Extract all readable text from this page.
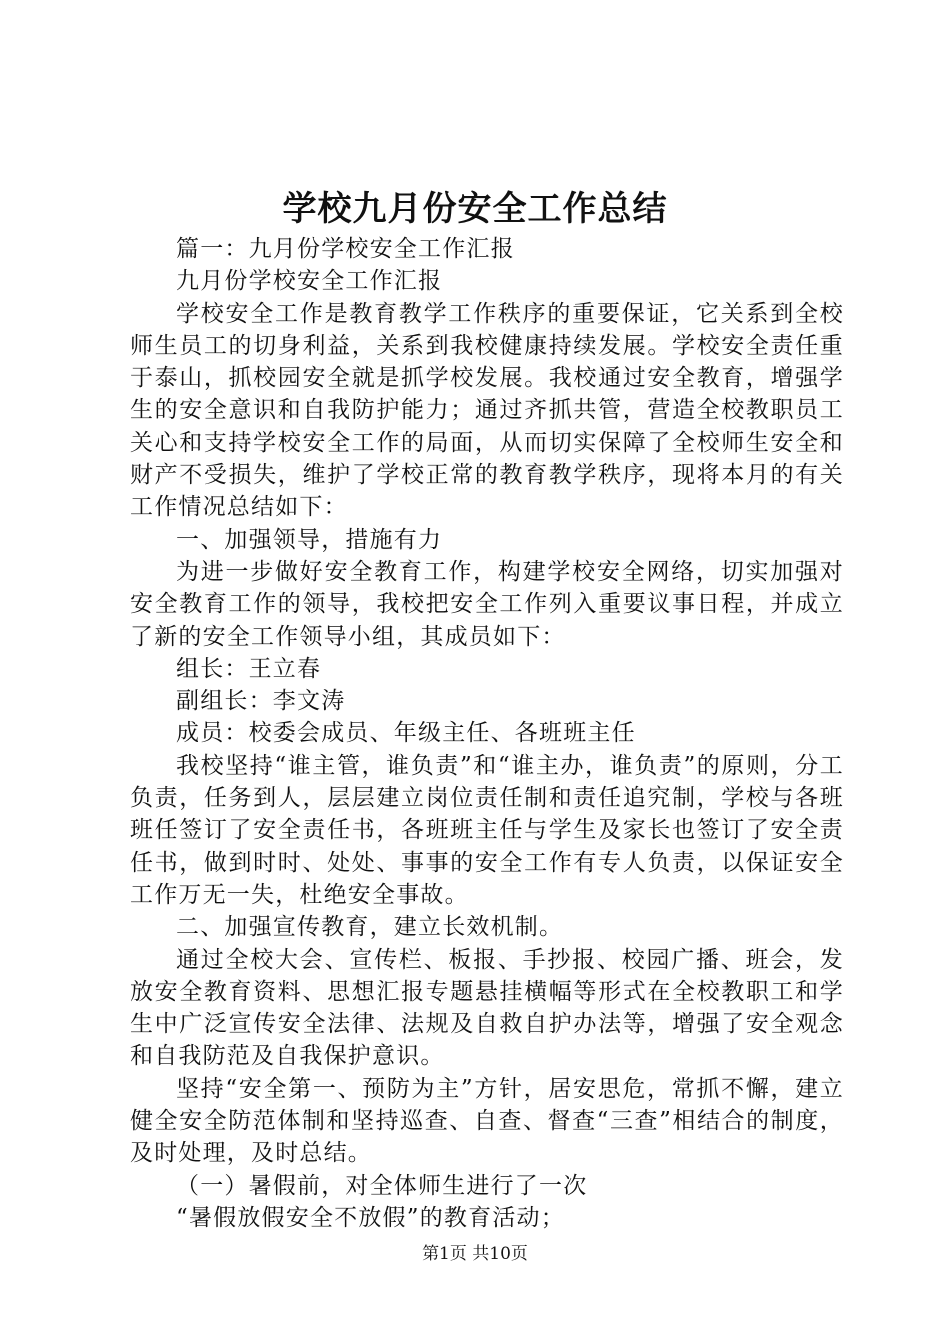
学校九月份安全工作总结

篇一：九月份学校安全工作汇报

九月份学校安全工作汇报

学校安全工作是教育教学工作秩序的重要保证，它关系到全校师生员工的切身利益，关系到我校健康持续发展。学校安全责任重于泰山，抓校园安全就是抓学校发展。我校通过安全教育，增强学生的安全意识和自我防护能力；通过齐抓共管，营造全校教职员工关心和支持学校安全工作的局面，从而切实保障了全校师生安全和财产不受损失，维护了学校正常的教育教学秩序，现将本月的有关工作情况总结如下：

一、加强领导，措施有力

为进一步做好安全教育工作，构建学校安全网络，切实加强对安全教育工作的领导，我校把安全工作列入重要议事日程，并成立了新的安全工作领导小组，其成员如下：

组长：王立春

副组长：李文涛

成员：校委会成员、年级主任、各班班主任

我校坚持“谁主管，谁负责”和“谁主办，谁负责”的原则，分工负责，任务到人，层层建立岗位责任制和责任追究制，学校与各班班任签订了安全责任书，各班班主任与学生及家长也签订了安全责任书，做到时时、处处、事事的安全工作有专人负责，以保证安全工作万无一失，杜绝安全事故。

二、加强宣传教育，建立长效机制。

通过全校大会、宣传栏、板报、手抄报、校园广播、班会，发放安全教育资料、思想汇报专题悬挂横幅等形式在全校教职工和学生中广泛宣传安全法律、法规及自救自护办法等，增强了安全观念和自我防范及自我保护意识。

坚持“安全第一、预防为主”方针，居安思危，常抓不懈，建立健全安全防范体制和坚持巡查、自查、督查“三查”相结合的制度，及时处理，及时总结。

（一）暑假前，对全体师生进行了一次

“暑假放假安全不放假”的教育活动；

第1页 共10页
